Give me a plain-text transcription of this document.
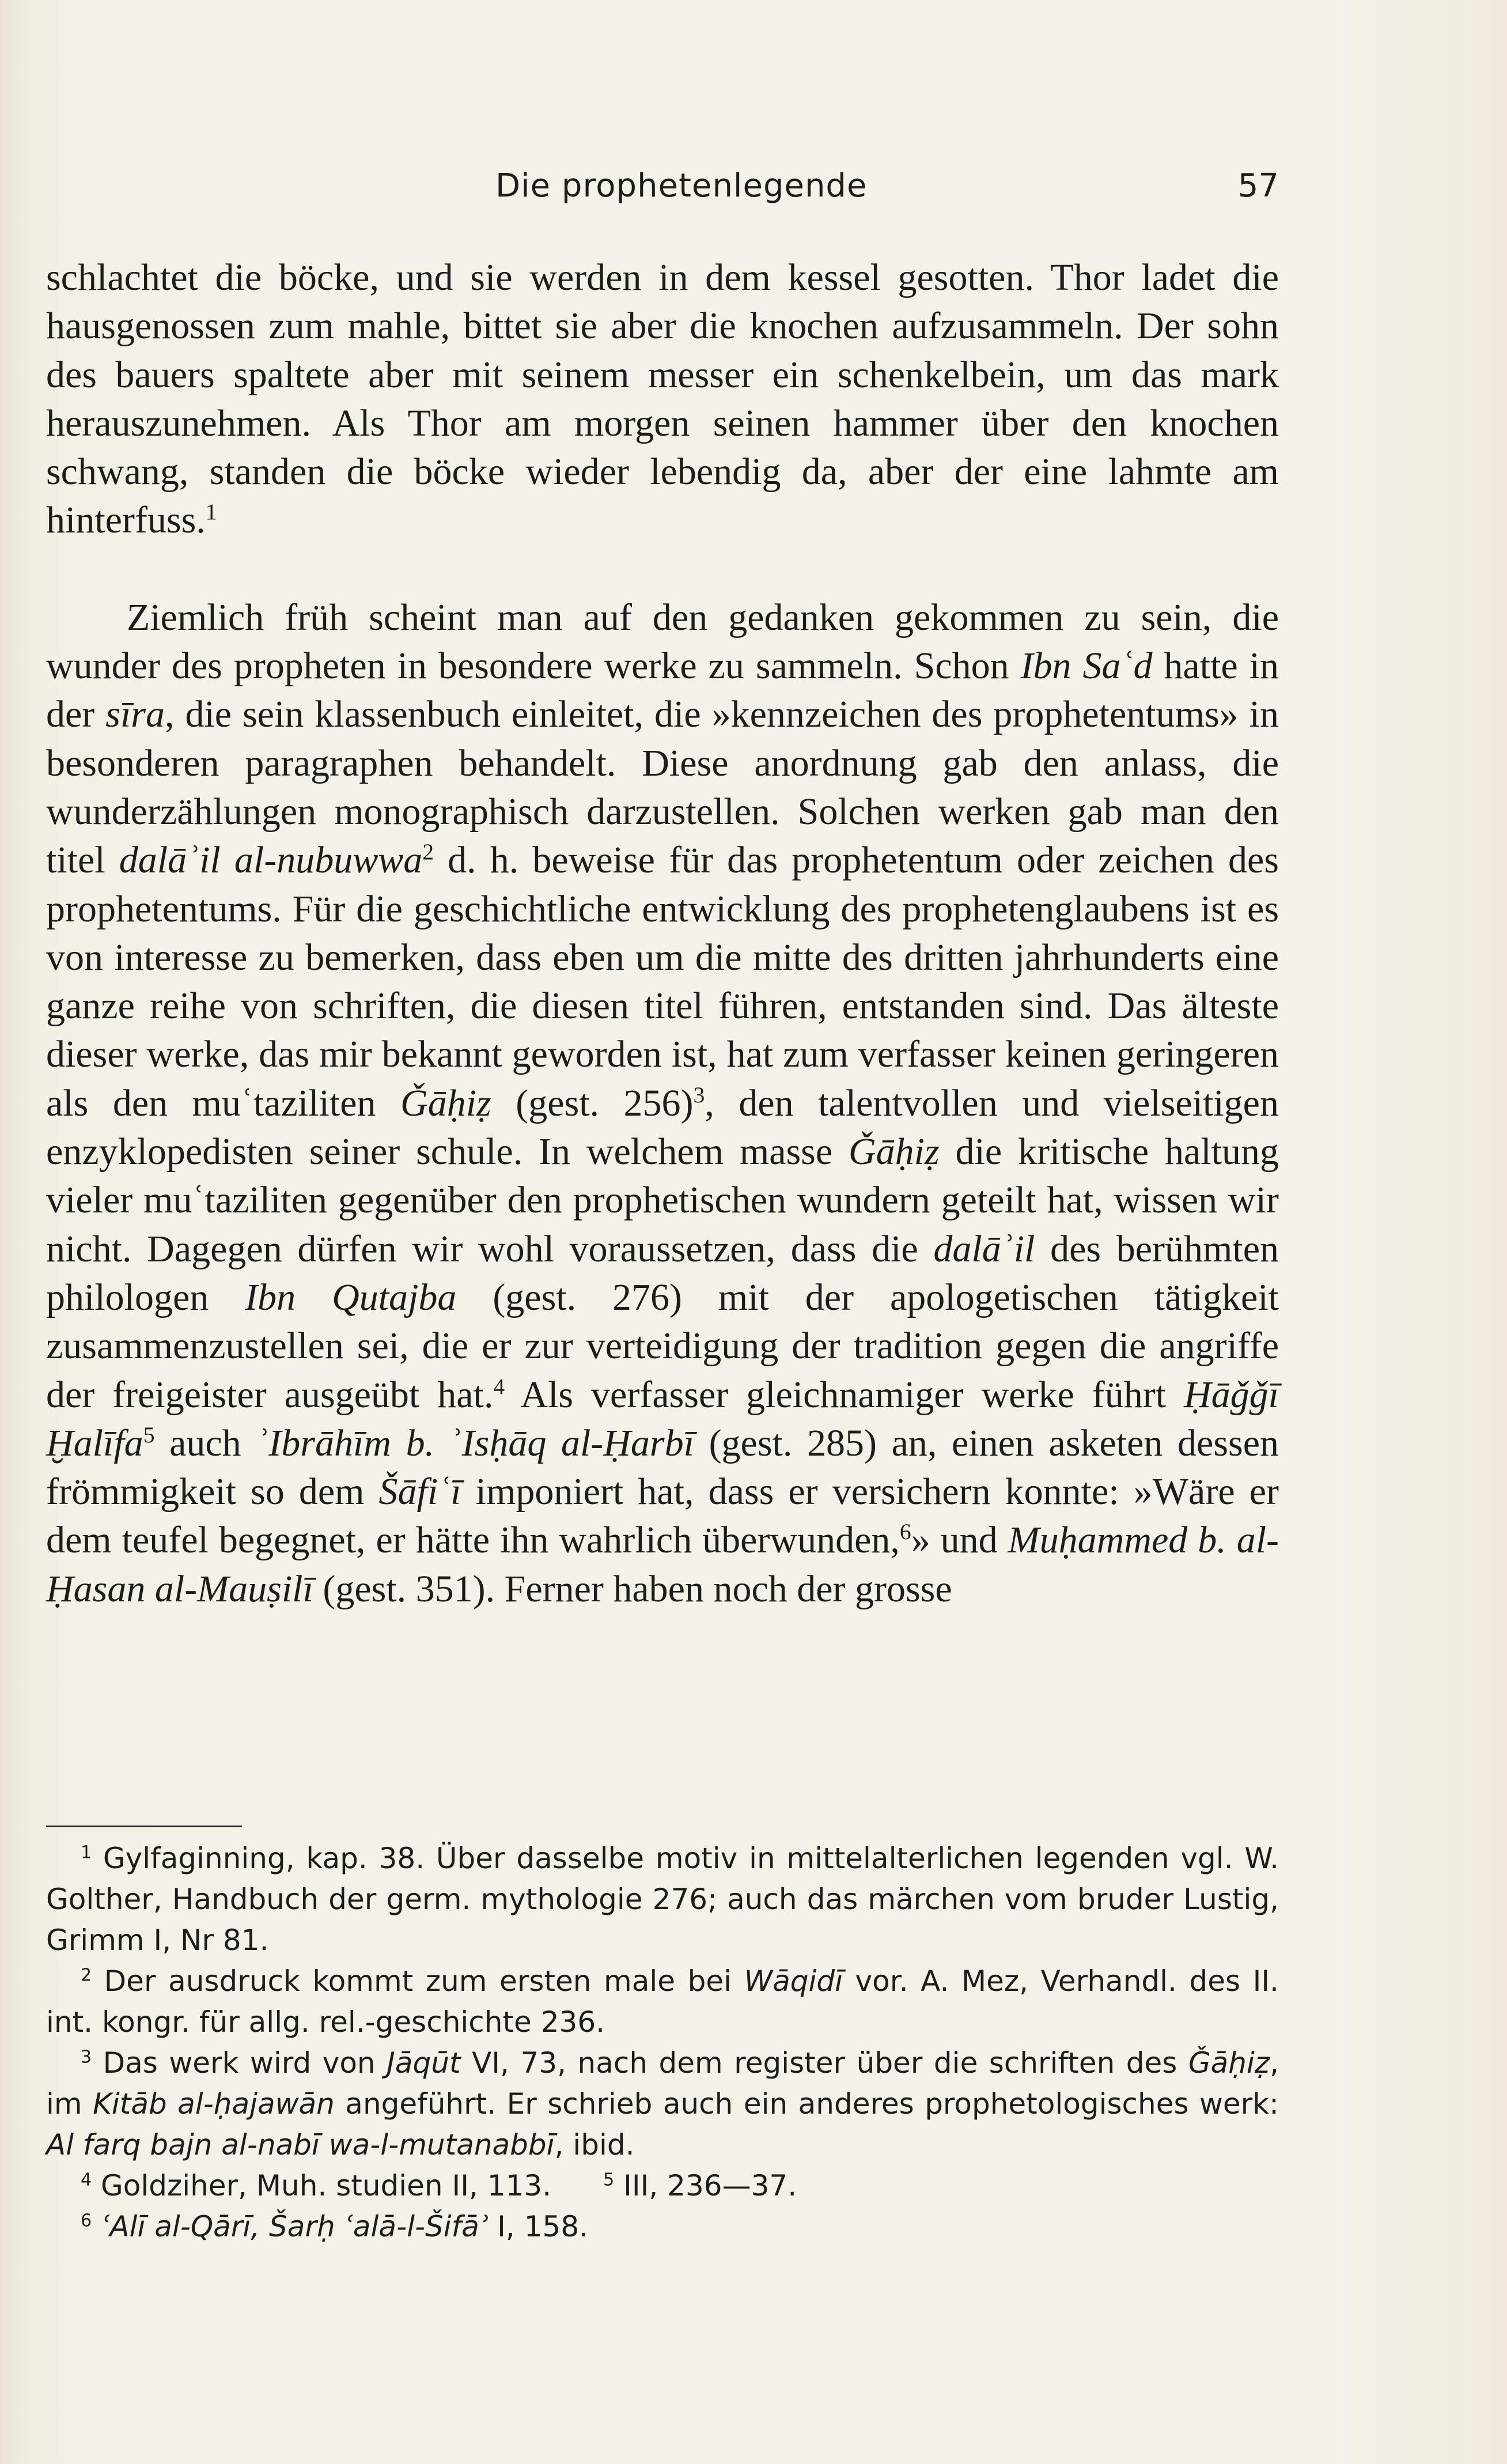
Die prophetenlegende	57

schlachtet die böcke, und sie werden in dem kessel gesotten. Thor ladet die hausgenossen zum mahle, bittet sie aber die knochen aufzusammeln. Der sohn des bauers spaltete aber mit seinem messer ein schenkelbein, um das mark herauszunehmen. Als Thor am morgen seinen hammer über den knochen schwang, standen die böcke wieder lebendig da, aber der eine lahmte am hinterfuss.$^1$

Ziemlich früh scheint man auf den gedanken gekommen zu sein, die wunder des propheten in besondere werke zu sammeln. Schon Ibn Saʿd hatte in der sīra, die sein klassenbuch einleitet, die »kennzeichen des prophetentums» in besonderen paragraphen behandelt. Diese anordnung gab den anlass, die wunderzählungen monographisch darzustellen. Solchen werken gab man den titel dalāʾil al-nubuwwa$^2$ d. h. beweise für das prophetentum oder zeichen des prophetentums. Für die geschichtliche entwicklung des prophetenglaubens ist es von interesse zu bemerken, dass eben um die mitte des dritten jahrhunderts eine ganze reihe von schriften, die diesen titel führen, entstanden sind. Das älteste dieser werke, das mir bekannt geworden ist, hat zum verfasser keinen geringeren als den muʿtaziliten Ǧāḥiẓ (gest. 256)$^3$, den talentvollen und vielseitigen enzyklopedisten seiner schule. In welchem masse Ǧāḥiẓ die kritische haltung vieler muʿtaziliten gegenüber den prophetischen wundern geteilt hat, wissen wir nicht. Dagegen dürfen wir wohl voraussetzen, dass die dalāʾil des berühmten philologen Ibn Qutajba (gest. 276) mit der apologetischen tätigkeit zusammenzustellen sei, die er zur verteidigung der tradition gegen die angriffe der freigeister ausgeübt hat.$^4$ Als verfasser gleichnamiger werke führt Ḥāǧǧī Ḫalīfa$^5$ auch ʾIbrāhīm b. ʾIsḥāq al-Ḥarbī (gest. 285) an, einen asketen dessen frömmigkeit so dem Šāfiʿī imponiert hat, dass er versichern konnte: »Wäre er dem teufel begegnet, er hätte ihn wahrlich überwunden,$^6$» und Muḥammed b. al-Ḥasan al-Mauṣilī (gest. 351). Ferner haben noch der grosse

$^1$ Gylfaginning, kap. 38. Über dasselbe motiv in mittelalterlichen legenden vgl. W. Golther, Handbuch der germ. mythologie 276; auch das märchen vom bruder Lustig, Grimm I, Nr 81.

$^2$ Der ausdruck kommt zum ersten male bei Wāqidī vor. A. Mez, Verhandl. des II. int. kongr. für allg. rel.-geschichte 236.

$^3$ Das werk wird von Jāqūt VI, 73, nach dem register über die schriften des Ǧāḥiẓ, im Kitāb al-ḥajawān angeführt. Er schrieb auch ein anderes prophetologisches werk: Al farq bajn al-nabī wa-l-mutanabbī, ibid.

$^4$ Goldziher, Muh. studien II, 113.	$^5$ III, 236—37.

$^6$ ʿAlī al-Qārī, Šarḥ ʿalā-l-Šifāʾ I, 158.
